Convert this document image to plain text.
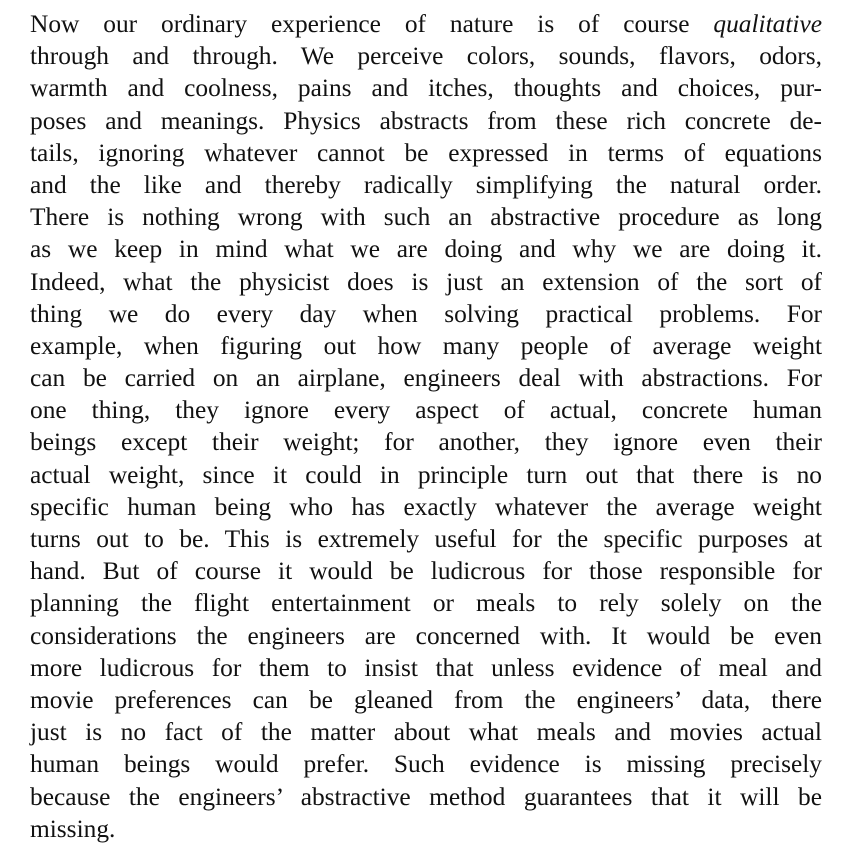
Now our ordinary experience of nature is of course qualitative
through and through. We perceive colors, sounds, flavors, odors,
warmth and coolness, pains and itches, thoughts and choices, pur-
poses and meanings. Physics abstracts from these rich concrete de-
tails, ignoring whatever cannot be expressed in terms of equations
and the like and thereby radically simplifying the natural order.
There is nothing wrong with such an abstractive procedure as long
as we keep in mind what we are doing and why we are doing it.
Indeed, what the physicist does is just an extension of the sort of
thing we do every day when solving practical problems. For
example, when figuring out how many people of average weight
can be carried on an airplane, engineers deal with abstractions. For
one thing, they ignore every aspect of actual, concrete human
beings except their weight; for another, they ignore even their
actual weight, since it could in principle turn out that there is no
specific human being who has exactly whatever the average weight
turns out to be. This is extremely useful for the specific purposes at
hand. But of course it would be ludicrous for those responsible for
planning the flight entertainment or meals to rely solely on the
considerations the engineers are concerned with. It would be even
more ludicrous for them to insist that unless evidence of meal and
movie preferences can be gleaned from the engineers’ data, there
just is no fact of the matter about what meals and movies actual
human beings would prefer. Such evidence is missing precisely
because the engineers’ abstractive method guarantees that it will be
missing.
